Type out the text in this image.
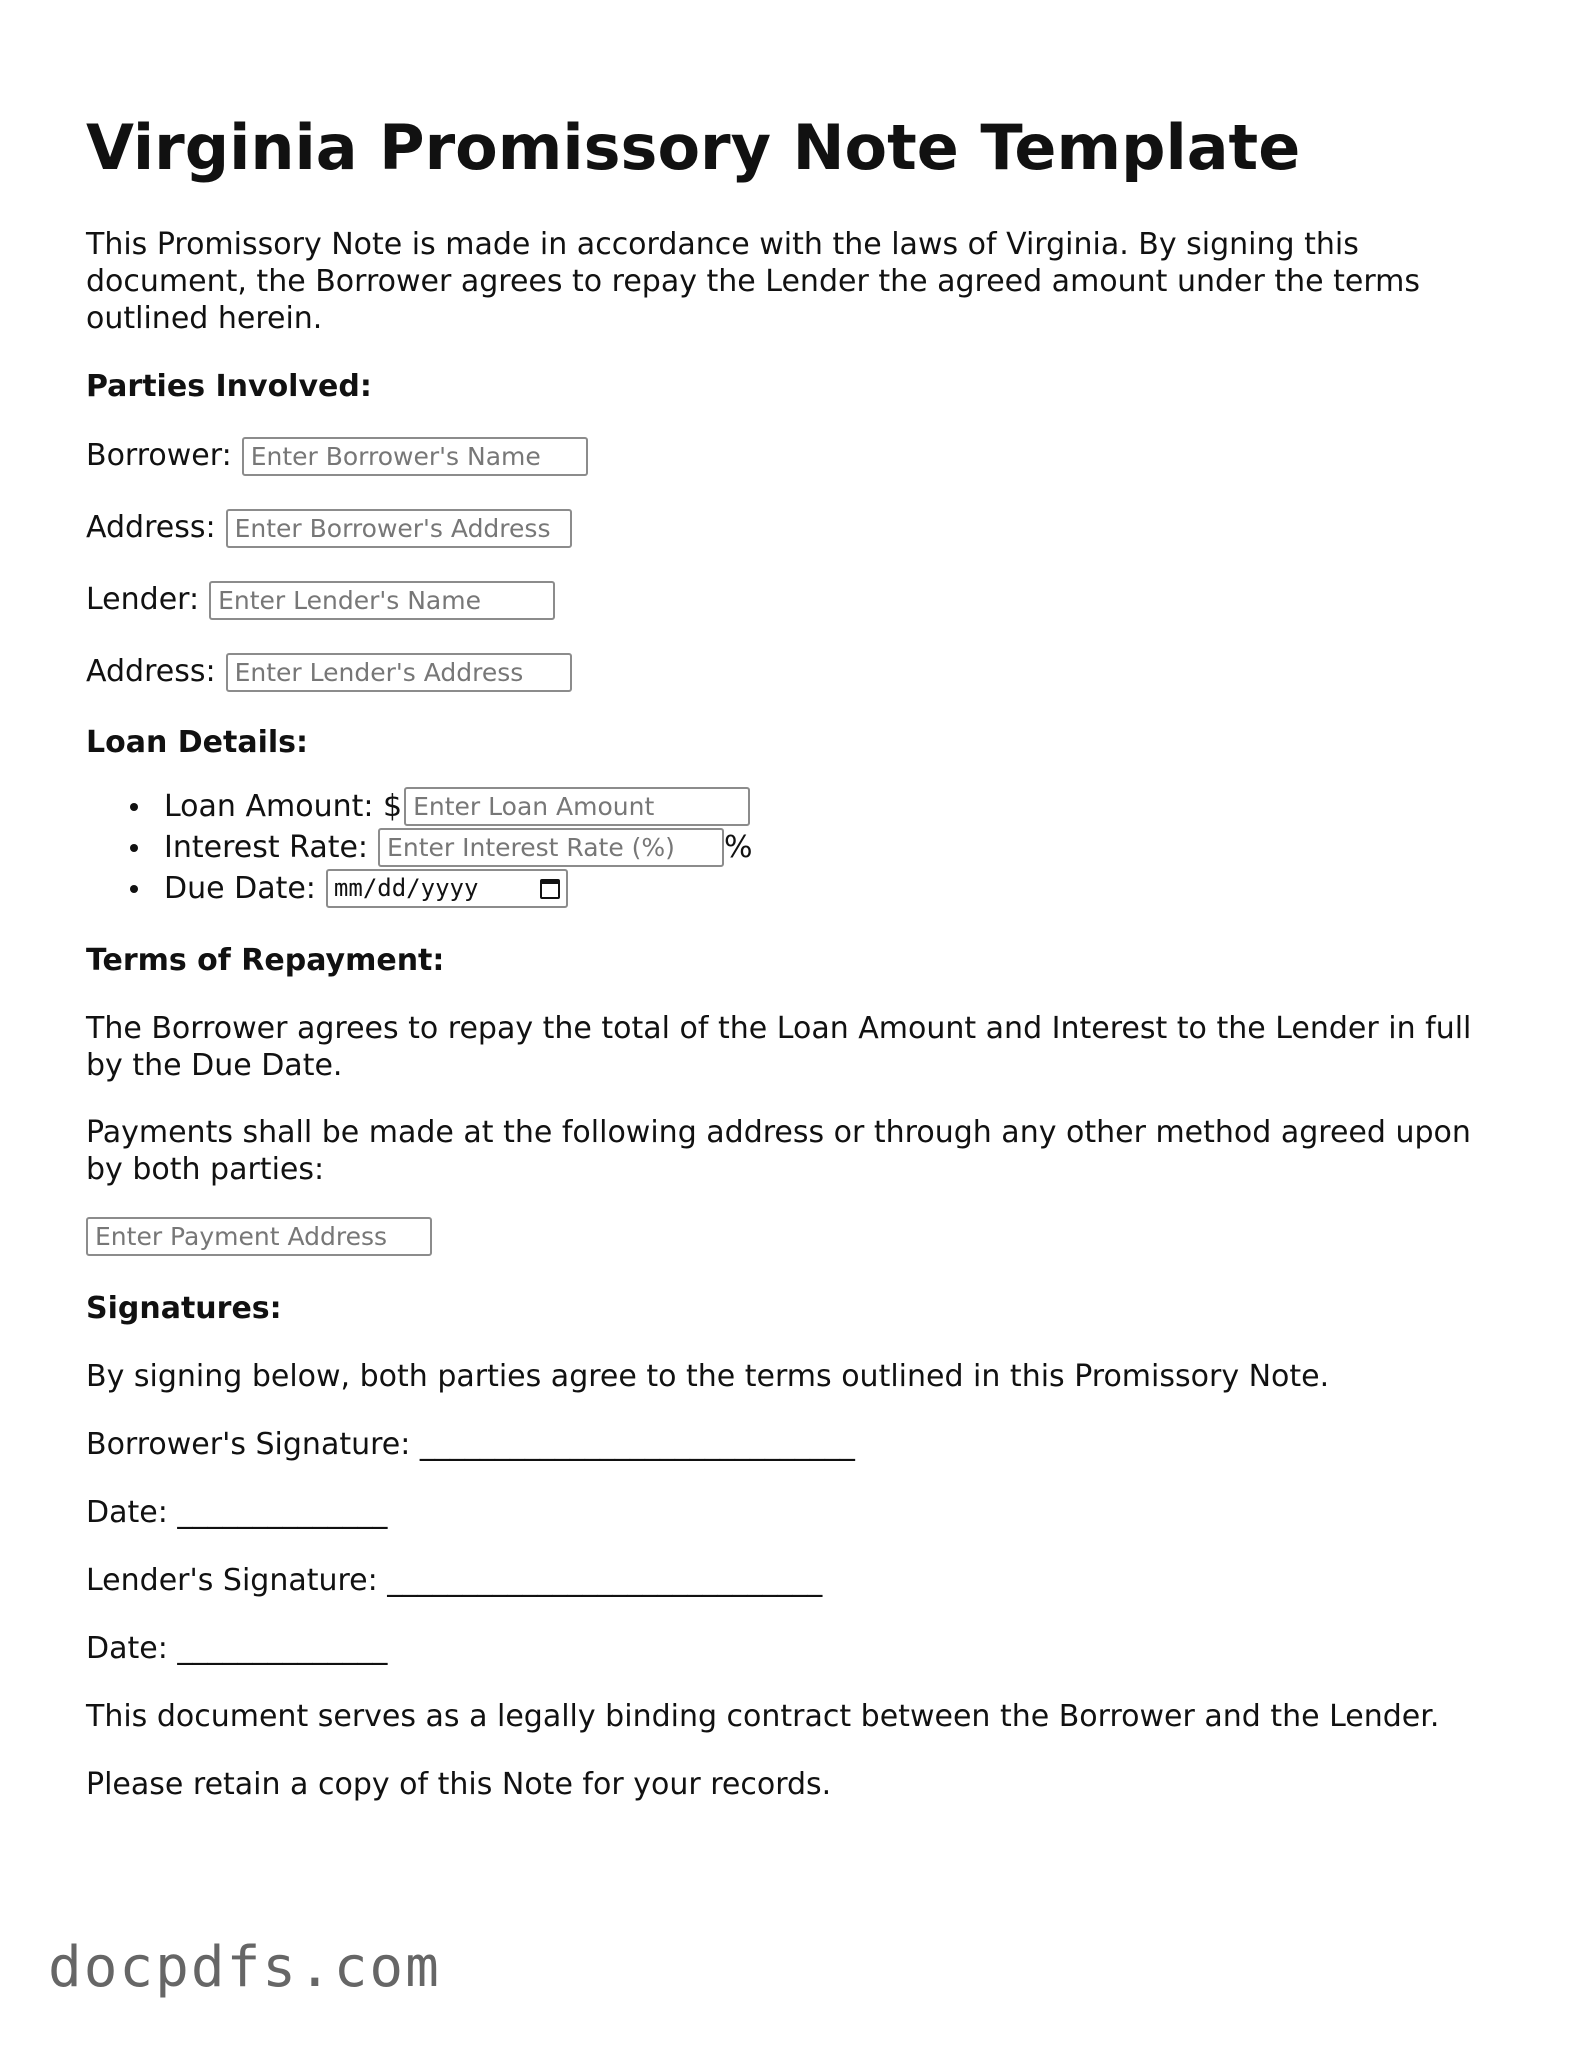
Virginia Promissory Note Template

This Promissory Note is made in accordance with the laws of Virginia. By signing this document, the Borrower agrees to repay the Lender the agreed amount under the terms outlined herein.

Parties Involved:
Borrower:
Enter Borrower's Name
Address:
Enter Borrower's Address
Lender:
Enter Lender's Name
Address:
Enter Lender's Address
Loan Details:
Loan Amount: $
Enter Loan Amount
Interest Rate:
Enter Interest Rate (%)	%
Due Date: mm/dd/yyyy
Terms of Repayment:

The Borrower agrees to repay the total of the Loan Amount and Interest to the Lender in full by the Due Date.

Payments shall be made at the following address or through any other method agreed upon by both parties:

Enter Payment Address
Signatures:

By signing below, both parties agree to the terms outlined in this Promissory Note.

Borrower's Signature: _____________________________

Date: ______________

Lender's Signature: _____________________________

Date: ______________

This document serves as a legally binding contract between the Borrower and the Lender.

Please retain a copy of this Note for your records.

docpdfs.com
